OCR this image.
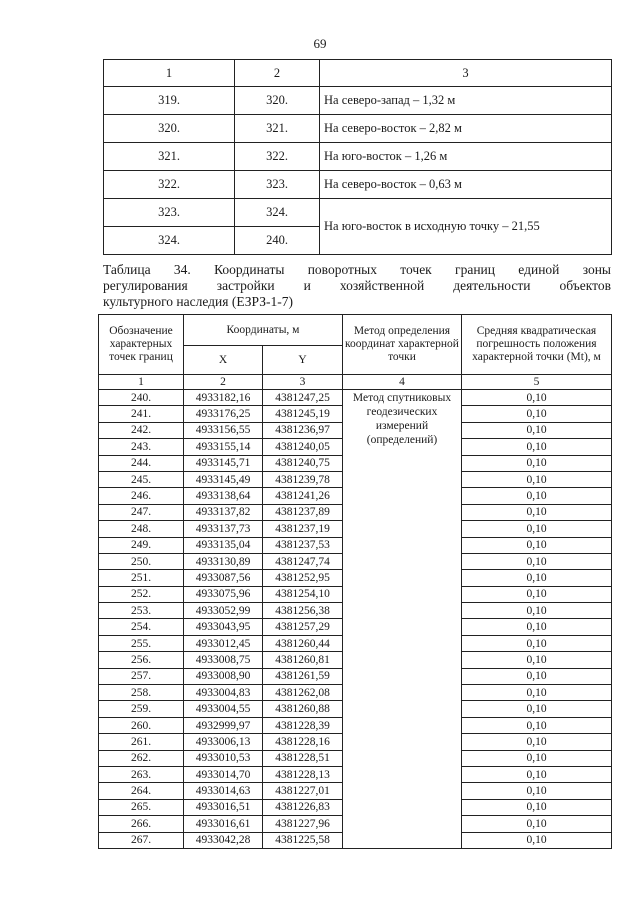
69
1	2	3
319.	320.	На северо-запад – 1,32 м
320.	321.	На северо-восток – 2,82 м
321.	322.	На юго-восток – 1,26 м
322.	323.	На северо-восток – 0,63 м
323.	324.	На юго-восток в исходную точку – 21,55
324.	240.	
Таблица 34. Координаты поворотных точек границ единой зоны
регулирования застройки и хозяйственной деятельности объектов
культурного наследия (ЕЗРЗ-1-7)
Обозначение характерных точек границ	Координаты, м		Метод определения координат характерной точки	Средняя квадратическая погрешность положения характерной точки (Mt), м
	X	Y		
1	2	3	4	5
240.	4933182,16	4381247,25	Метод спутниковых геодезических измерений (определений)	0,10
241.	4933176,25	4381245,19		0,10
242.	4933156,55	4381236,97		0,10
243.	4933155,14	4381240,05		0,10
244.	4933145,71	4381240,75		0,10
245.	4933145,49	4381239,78		0,10
246.	4933138,64	4381241,26		0,10
247.	4933137,82	4381237,89		0,10
248.	4933137,73	4381237,19		0,10
249.	4933135,04	4381237,53		0,10
250.	4933130,89	4381247,74		0,10
251.	4933087,56	4381252,95		0,10
252.	4933075,96	4381254,10		0,10
253.	4933052,99	4381256,38		0,10
254.	4933043,95	4381257,29		0,10
255.	4933012,45	4381260,44		0,10
256.	4933008,75	4381260,81		0,10
257.	4933008,90	4381261,59		0,10
258.	4933004,83	4381262,08		0,10
259.	4933004,55	4381260,88		0,10
260.	4932999,97	4381228,39		0,10
261.	4933006,13	4381228,16		0,10
262.	4933010,53	4381228,51		0,10
263.	4933014,70	4381228,13		0,10
264.	4933014,63	4381227,01		0,10
265.	4933016,51	4381226,83		0,10
266.	4933016,61	4381227,96		0,10
267.	4933042,28	4381225,58		0,10
